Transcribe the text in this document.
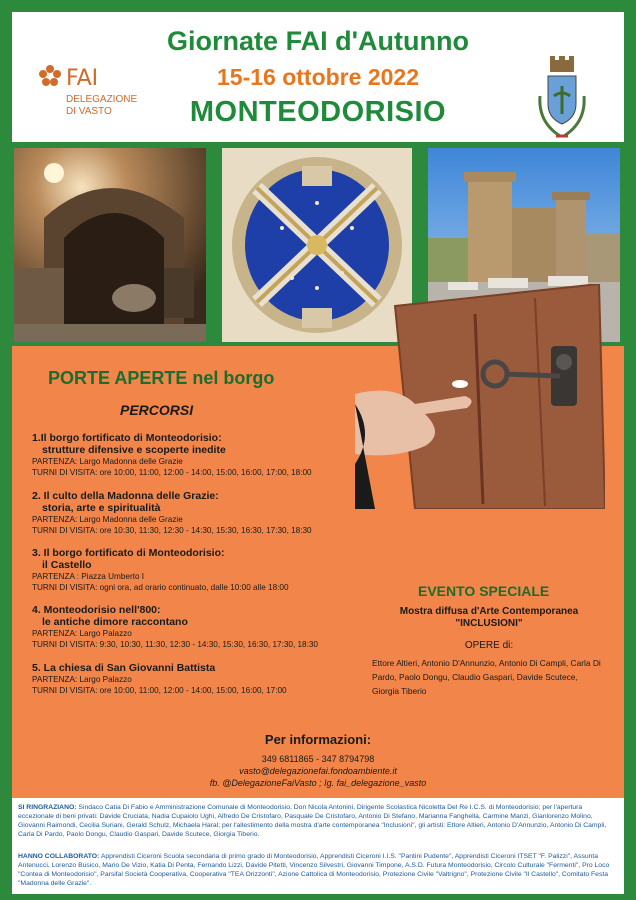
Giornate FAI d'Autunno
15-16 ottobre 2022
MONTEODORISIO
FAI
DELEGAZIONE
DI VASTO
PORTE APERTE nel borgo
PERCORSI
1.Il borgo fortificato di Monteodorisio:
strutture difensive e scoperte inedite
PARTENZA: Largo Madonna delle Grazie
TURNI DI VISITA: ore 10:00, 11:00, 12:00 - 14:00, 15:00, 16:00, 17:00, 18:00
2. Il culto della Madonna delle Grazie:
storia, arte e spiritualità
PARTENZA: Largo Madonna delle Grazie
TURNI DI VISITA: ore 10:30, 11:30, 12:30 - 14:30, 15:30, 16:30, 17:30, 18:30
3. Il borgo fortificato di Monteodorisio:
il Castello
PARTENZA : Piazza Umberto I
TURNI DI VISITA: ogni ora, ad orario continuato, dalle 10:00 alle 18:00
4. Monteodorisio nell'800:
le antiche dimore raccontano
PARTENZA: Largo Palazzo
TURNI DI VISITA: 9:30, 10:30, 11:30, 12:30 - 14:30, 15:30, 16:30, 17:30, 18:30
5. La chiesa di San Giovanni Battista
PARTENZA: Largo Palazzo
TURNI DI VISITA: ore 10:00, 11:00, 12:00 - 14:00, 15:00, 16:00, 17:00
EVENTO SPECIALE
Mostra diffusa d'Arte Contemporanea
"INCLUSIONI"
OPERE di:
Ettore Altieri, Antonio D'Annunzio, Antonio Di Campli, Carla Di Pardo, Paolo Dongu, Claudio Gaspari, Davide Scutece, Giorgia Tiberio
Per informazioni:
349 6811865 - 347 8794798
vasto@delegazionefai.fondoambiente.it
fb. @DelegazioneFaiVasto ; Ig. fai_delegazione_vasto
SI RINGRAZIANO: Sindaco Catia Di Fabio e Amministrazione Comunale di Monteodorisio, Don Nicola Antonini, Dirigente Scolastica Nicoletta Del Re I.C.S. di Monteodorisio; per l'apertura eccezionale di beni privati: Davide Cruciata, Nadia Cupaiolo Ughi, Alfredo De Cristofaro, Pasquale De Cristofaro, Antonio Di Stefano, Marianna Fanghella, Carmine Manzi, Gianlorenzo Molino, Giovanni Raimondi, Cecilia Suriani, Gerald Schulz, Michaela Haral; per l'allestimento della mostra d'arte contemporanea "Inclusioni", gli artisti: Ettore Altieri, Antonio D'Annunzio, Antonio Di Campli, Carla Di Pardo, Paolo Dongu, Claudio Gaspari, Davide Scutece, Giorgia Tiberio.
HANNO COLLABORATO: Apprendisti Ciceroni Scuola secondaria di primo grado di Monteodorisio, Apprendisti Ciceroni I.I.S. "Pantini Pudente", Apprendisti Ciceroni ITSET "F. Palizzi", Assunta Antenucci, Lorenzo Busico, Mario De Vizio, Katia Di Penta, Fernando Lizzi, Davide Pitetti, Vincenzo Silvestri, Giovanni Timpone, A.S.D. Futura Monteodorisio, Circolo Culturale "Fermenti", Pro Loco "Contea di Monteodorisio", Parsifal Società Cooperativa, Cooperativa "TEA Orizzonti", Azione Cattolica di Monteodorisio, Protezione Civile "Valtrigno", Protezione Civile "Il Castello", Comitato Festa "Madonna delle Grazie".
